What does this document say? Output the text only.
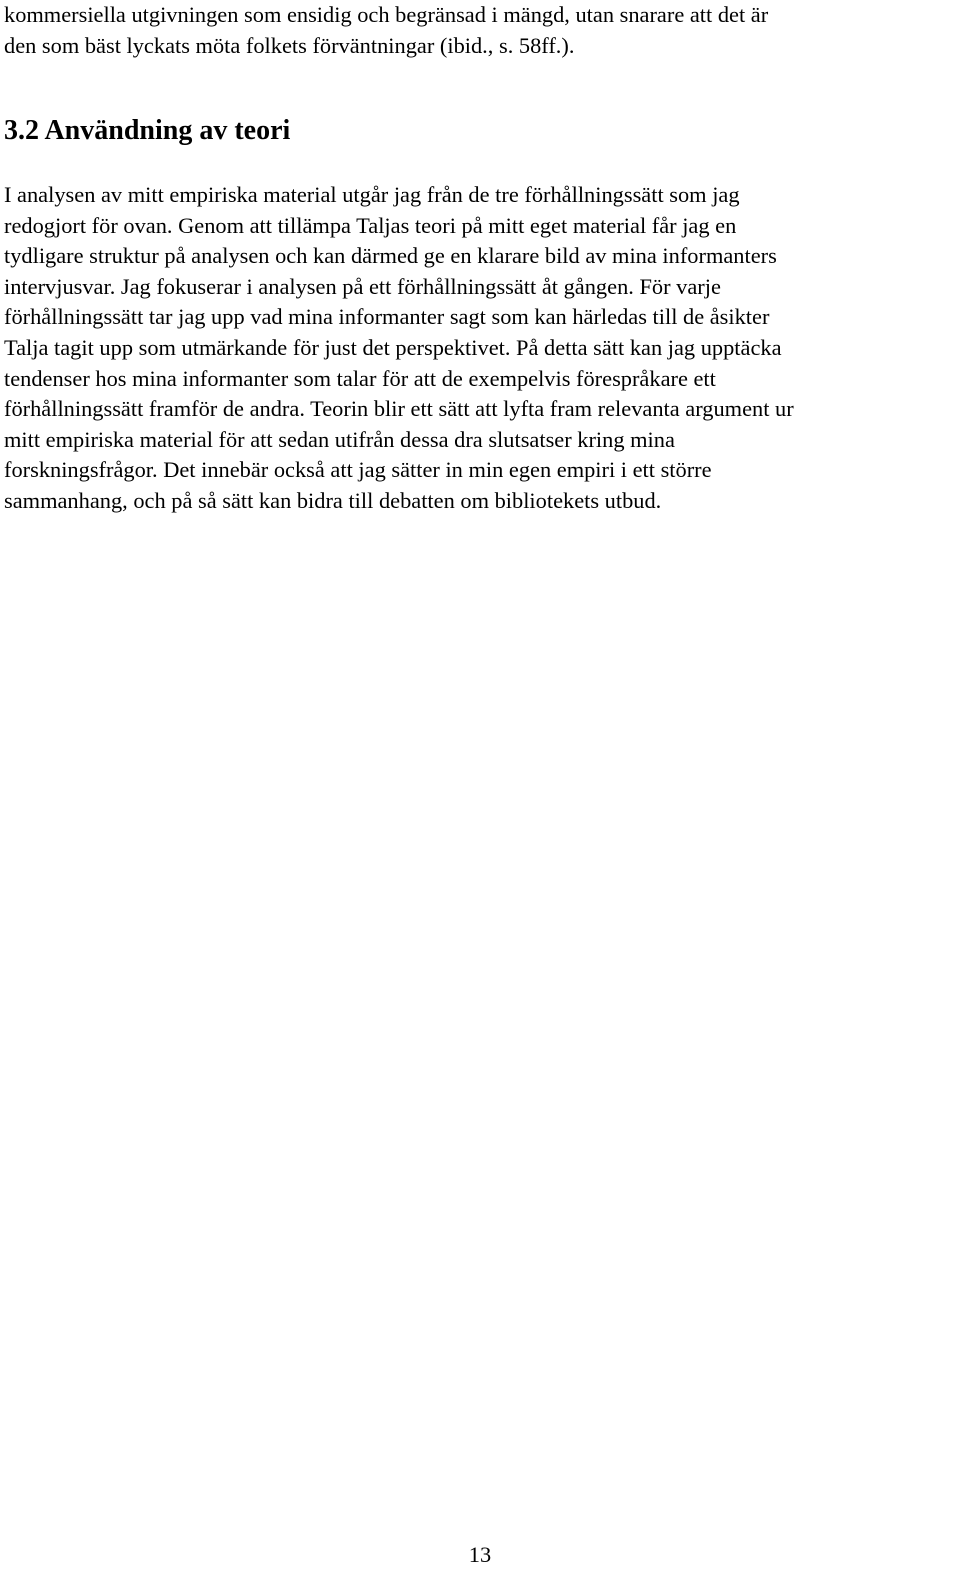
kommersiella utgivningen som ensidig och begränsad i mängd, utan snarare att det är
den som bäst lyckats möta folkets förväntningar (ibid., s. 58ff.).
3.2 Användning av teori
I analysen av mitt empiriska material utgår jag från de tre förhållningssätt som jag
redogjort för ovan. Genom att tillämpa Taljas teori på mitt eget material får jag en
tydligare struktur på analysen och kan därmed ge en klarare bild av mina informanters
intervjusvar. Jag fokuserar i analysen på ett förhållningssätt åt gången. För varje
förhållningssätt tar jag upp vad mina informanter sagt som kan härledas till de åsikter
Talja tagit upp som utmärkande för just det perspektivet. På detta sätt kan jag upptäcka
tendenser hos mina informanter som talar för att de exempelvis förespråkare ett
förhållningssätt framför de andra. Teorin blir ett sätt att lyfta fram relevanta argument ur
mitt empiriska material för att sedan utifrån dessa dra slutsatser kring mina
forskningsfrågor. Det innebär också att jag sätter in min egen empiri i ett större
sammanhang, och på så sätt kan bidra till debatten om bibliotekets utbud.
13
